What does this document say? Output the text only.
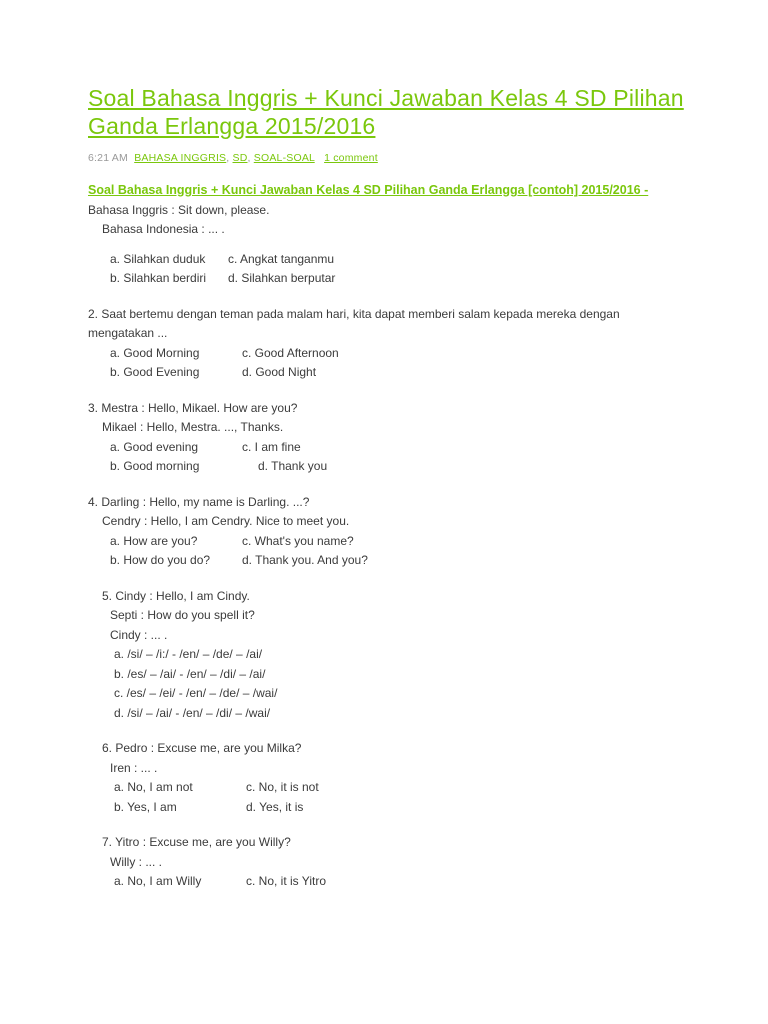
Soal Bahasa Inggris + Kunci Jawaban Kelas 4 SD Pilihan Ganda Erlangga 2015/2016
6:21 AM BAHASA INGGRIS, SD, SOAL-SOAL 1 comment
Soal Bahasa Inggris + Kunci Jawaban Kelas 4 SD Pilihan Ganda Erlangga [contoh] 2015/2016 - Bahasa Inggris : Sit down, please.
Bahasa Indonesia : ... .
a. Silahkan duduk	c. Angkat tanganmu
b. Silahkan berdiri	d. Silahkan berputar
2. Saat bertemu dengan teman pada malam hari, kita dapat memberi salam kepada mereka dengan mengatakan ...
a. Good Morning	c. Good Afternoon
b. Good Evening	d. Good Night
3. Mestra : Hello, Mikael. How are you?
Mikael : Hello, Mestra. ..., Thanks.
a. Good evening	c. I am fine
b. Good morning	d. Thank you
4. Darling : Hello, my name is Darling. ...?
Cendry : Hello, I am Cendry. Nice to meet you.
a. How are you?	c. What's you name?
b. How do you do?	d. Thank you. And you?
5. Cindy : Hello, I am Cindy.
Septi : How do you spell it?
Cindy : ... .
a. /si/ – /i:/ - /en/ – /de/ – /ai/
b. /es/ – /ai/ - /en/ – /di/ – /ai/
c. /es/ – /ei/ - /en/ – /de/ – /wai/
d. /si/ – /ai/ - /en/ – /di/ – /wai/
6. Pedro : Excuse me, are you Milka?
Iren : ... .
a. No, I am not	c. No, it is not
b. Yes, I am	d. Yes, it is
7. Yitro : Excuse me, are you Willy?
Willy : ... .
a. No, I am Willy	c. No, it is Yitro
